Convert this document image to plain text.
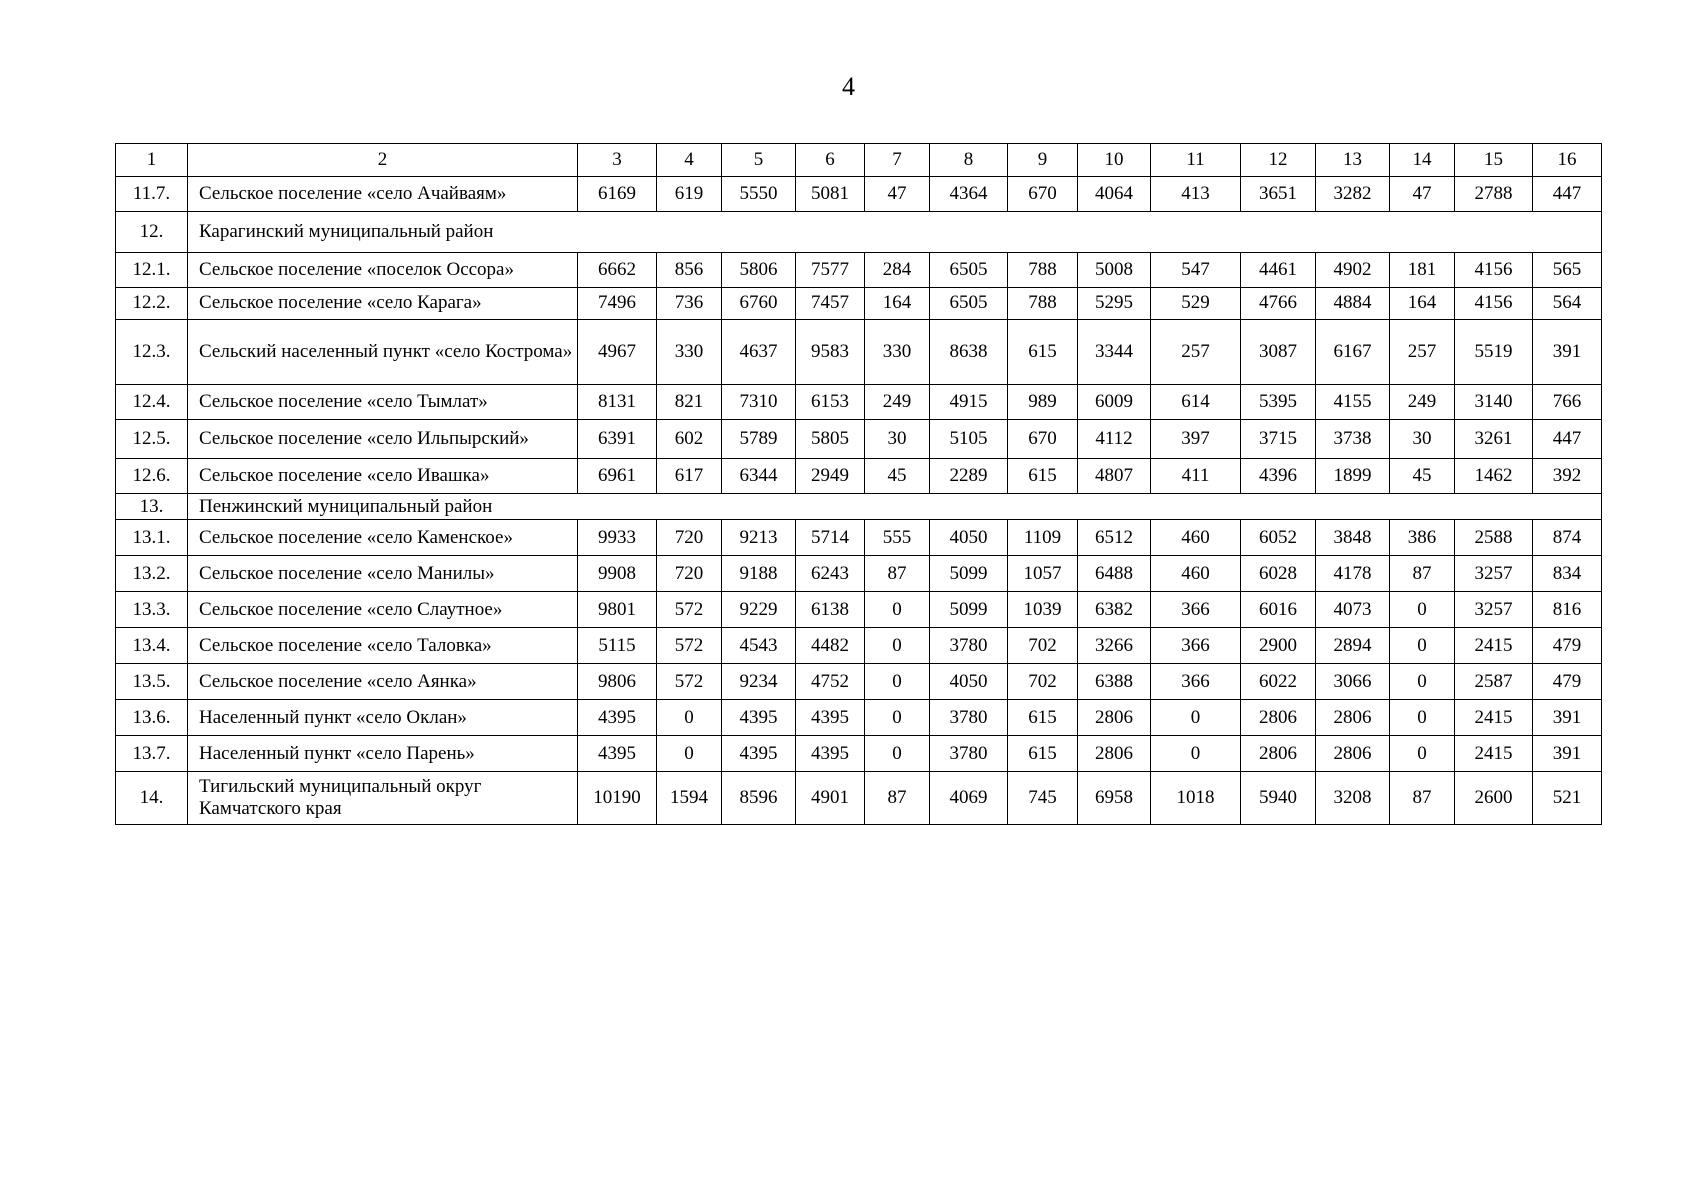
4
1	2	3	4	5	6	7	8	9	10	11	12	13	14	15	16
11.7.	Сельское поселение «село Ачайваям»	6169	619	5550	5081	47	4364	670	4064	413	3651	3282	47	2788	447
12.	Карагинский муниципальный район														
12.1.	Сельское поселение «поселок Оссора»	6662	856	5806	7577	284	6505	788	5008	547	4461	4902	181	4156	565
12.2.	Сельское поселение «село Карага»	7496	736	6760	7457	164	6505	788	5295	529	4766	4884	164	4156	564
12.3.	Сельский населенный пункт «село Кострома»	4967	330	4637	9583	330	8638	615	3344	257	3087	6167	257	5519	391
12.4.	Сельское поселение «село Тымлат»	8131	821	7310	6153	249	4915	989	6009	614	5395	4155	249	3140	766
12.5.	Сельское поселение «село Ильпырский»	6391	602	5789	5805	30	5105	670	4112	397	3715	3738	30	3261	447
12.6.	Сельское поселение «село Ивашка»	6961	617	6344	2949	45	2289	615	4807	411	4396	1899	45	1462	392
13.	Пенжинский муниципальный район														
13.1.	Сельское поселение «село Каменское»	9933	720	9213	5714	555	4050	1109	6512	460	6052	3848	386	2588	874
13.2.	Сельское поселение «село Манилы»	9908	720	9188	6243	87	5099	1057	6488	460	6028	4178	87	3257	834
13.3.	Сельское поселение «село Слаутное»	9801	572	9229	6138	0	5099	1039	6382	366	6016	4073	0	3257	816
13.4.	Сельское поселение «село Таловка»	5115	572	4543	4482	0	3780	702	3266	366	2900	2894	0	2415	479
13.5.	Сельское поселение «село Аянка»	9806	572	9234	4752	0	4050	702	6388	366	6022	3066	0	2587	479
13.6.	Населенный пункт «село Оклан»	4395	0	4395	4395	0	3780	615	2806	0	2806	2806	0	2415	391
13.7.	Населенный пункт «село Парень»	4395	0	4395	4395	0	3780	615	2806	0	2806	2806	0	2415	391
14.	Тигильский муниципальный округ Камчатского края	10190	1594	8596	4901	87	4069	745	6958	1018	5940	3208	87	2600	521
